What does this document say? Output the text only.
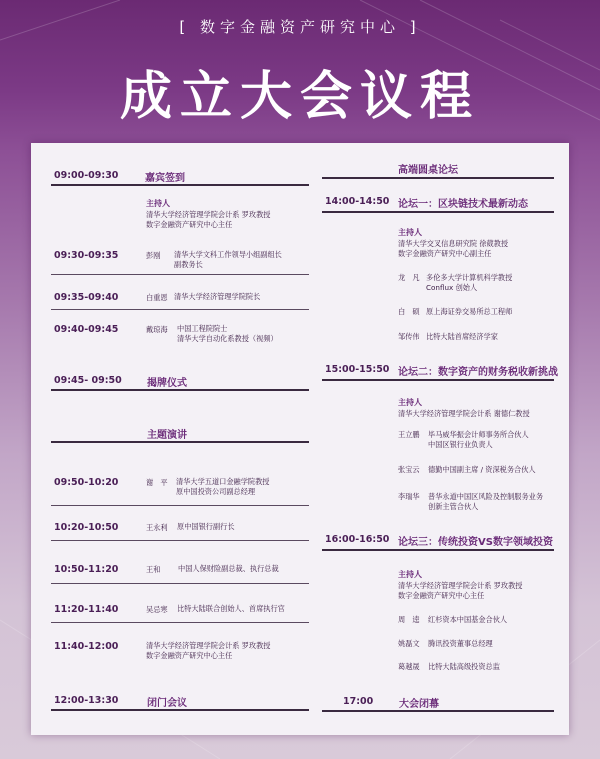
[ 数字金融资产研究中心 ]
成立大会议程
09:00-09:30	嘉宾签到
主持人
清华大学经济管理学院会计系 罗玫教授
数字金融资产研究中心主任
09:30-09:35	彭刚 清华大学文科工作领导小组副组长
副教务长
09:35-09:40	白重恩 清华大学经济管理学院院长
09:40-09:45	戴琼海 中国工程院院士
清华大学自动化系教授（视频）
09:45- 09:50	揭牌仪式
主题演讲
09:50-10:20	谢　平 清华大学五道口金融学院教授
原中国投资公司副总经理
10:20-10:50	王永利 原中国银行副行长
10:50-11:20	王和 中国人保财险副总裁、执行总裁
11:20-11:40	吴忌寒 比特大陆联合创始人、首席执行官
11:40-12:00	清华大学经济管理学院会计系 罗玫教授
数字金融资产研究中心主任
12:00-13:30	闭门会议
高端圆桌论坛
14:00-14:50 论坛一：区块链技术最新动态
主持人
清华大学交叉信息研究院 徐葳教授
数字金融资产研究中心副主任
龙　凡 多伦多大学计算机科学教授
Conflux 创始人
白　硕 原上海证券交易所总工程师
邹传伟 比特大陆首席经济学家
15:00-15:50 论坛二：数字资产的财务税收新挑战
主持人
清华大学经济管理学院会计系 谢德仁教授
王立鹏 毕马威华振会计师事务所合伙人
中国区银行业负责人
张宝云 德勤中国副主席 / 资深税务合伙人
李瑞华 普华永道中国区风险及控制服务业务
创新主管合伙人
16:00-16:50 论坛三：传统投资VS数字领域投资
主持人
清华大学经济管理学院会计系 罗玫教授
数字金融资产研究中心主任
周　逵 红杉资本中国基金合伙人
姚磊文 腾讯投资董事总经理
葛越晟 比特大陆高级投资总监
17:00	大会闭幕
